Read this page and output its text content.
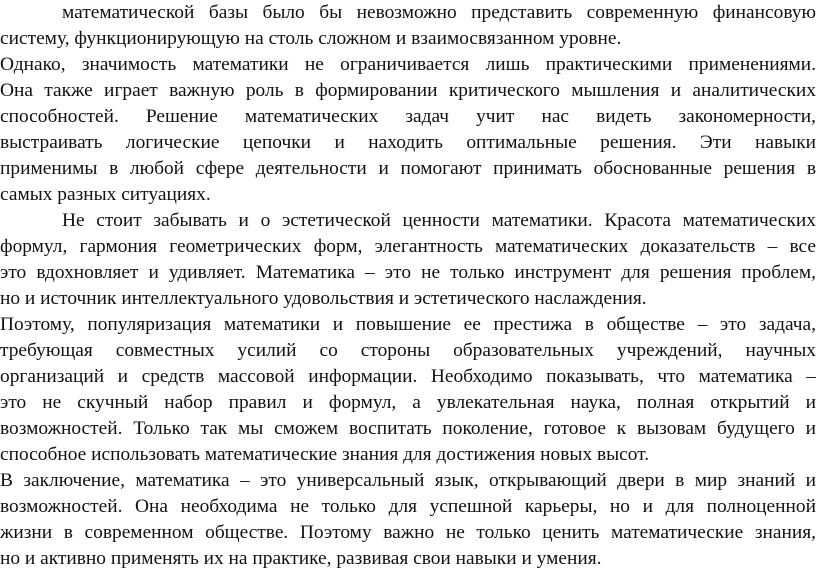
математической базы было бы невозможно представить современную финансовую

систему, функционирующую на столь сложном и взаимосвязанном уровне.

Однако, значимость математики не ограничивается лишь практическими применениями.

Она также играет важную роль в формировании критического мышления и аналитических

способностей. Решение математических задач учит нас видеть закономерности,

выстраивать логические цепочки и находить оптимальные решения. Эти навыки

применимы в любой сфере деятельности и помогают принимать обоснованные решения в

самых разных ситуациях.

Не стоит забывать и о эстетической ценности математики. Красота математических

формул, гармония геометрических форм, элегантность математических доказательств – все

это вдохновляет и удивляет. Математика – это не только инструмент для решения проблем,

но и источник интеллектуального удовольствия и эстетического наслаждения.

Поэтому, популяризация математики и повышение ее престижа в обществе – это задача,

требующая совместных усилий со стороны образовательных учреждений, научных

организаций и средств массовой информации. Необходимо показывать, что математика –

это не скучный набор правил и формул, а увлекательная наука, полная открытий и

возможностей. Только так мы сможем воспитать поколение, готовое к вызовам будущего и

способное использовать математические знания для достижения новых высот.

В заключение, математика – это универсальный язык, открывающий двери в мир знаний и

возможностей. Она необходима не только для успешной карьеры, но и для полноценной

жизни в современном обществе. Поэтому важно не только ценить математические знания,

но и активно применять их на практике, развивая свои навыки и умения.
